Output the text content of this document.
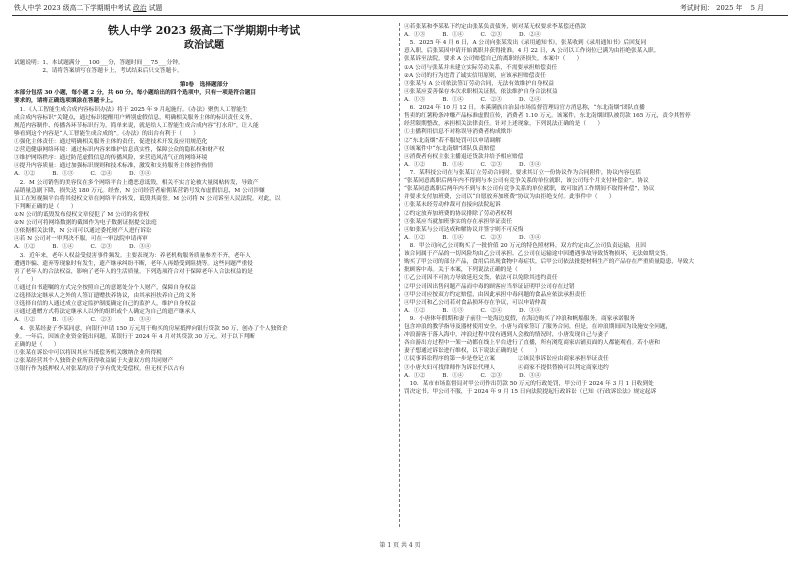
铁人中学 2023 级高二下学期期中考试 政治 试题	考试时间： 2025 年 5 月
铁人中学 2023 级高二下学期期中考试
政治试题
试题说明：1、本试题满分___100___分，答题时间___75___分钟。
　　　　　2、请将答案填写在答题卡上，考试结束后只交答题卡。
第Ⅰ卷　选择题部分
本部分包括 30 小题，每小题 2 分，共 60 分。每小题给出的四个选项中，只有一项是符合题目
要求的，请将正确选项填涂在答题卡上。
　1．《人工智能生成合成内容标识办法》将于 2025 年 9 月起施行。《办法》聚焦人工智能生
成合成内容标识”关键点，通过标识提醒用户辨别虚假信息，明确相关服务主体的标识责任义务，
规范内容制作、传播各环节标识行为。简单来说，就是给人工智能生成合成内容“打水印”，让人能
够看到这个内容是“人工智能生成合成的”。《办法》的出台有利于（　　）
①强化主体责任：通过明确相关服务主体的责任，促进技术开发及应用规范化
②营造健康网络环境：通过标识内容来维护信息真实性，保障公众的隐私权和财产权
③维护网络秩序：通过防范虚假信息的传播风险，来营造风清气正的网络环境
④提升内容质量：通过加强标识规则和技术标准，激发和支持服务主体创作热情
A．①②　　　B．①③　　　C．②④　　　D．③④
　2．M 公司销售的美容仪在多个网络平台上遭恶意诋毁，相关不实言论被大量阅帖转发，导致产
品销量急剧下降，损失达 180 万元。经查，N 公司经营者雇佣某营销号发布虚假信息，M 公司涉嫌
员工在短视频平台将其侵权文章在网络平台转发，诋毁其商誉。M 公司将 N 公司诉至人民法院。对此，以
下判断正确的是（　　）
①N 公司的诋毁发布侵权文章侵犯了 M 公司的名誉权
②N 公司可将网络数据的截图作为电子数据证据提交法庭
③依据相关法律，N 公司可以通过委托财产人进行诉讼
④若 N 公司对一审判决不服，可在一审法院申请再审
A．①②　　　B．①④　　　C．②③　　　D．③④
　3．近年来，老年人权益受侵害事件频发。主要表现为：养老机构服务质量参差不齐，老年人
遭遇诈骗、遗弃等现象时有发生，遗产继承纠纷不断，老年人再婚受到阻挠等。这些问题严重侵
害了老年人的合法权益，影响了老年人的生活质量。下列选项符合对于保障老年人合法权益的是
（　　）
①通过自书遗嘱的方式完全按照自己的意愿处分个人财产，保障自身权益
②选择法定继承人之外的人签订遗赠扶养协议，由其承担扶养自己的义务
③选择自信的人通过成立意定监护制度确定自己的监护人，维护自身权益
④通过遗赠方式将法定继承人以外的组织或个人确定为自己的遗产继承人
A．①②　　　B．①④　　　C．②③　　　D．③④
　4．张某经妻子李某同意，向银行申请 150 万元用于购买的房屋抵押向银行贷款 50 万，创办了个人独资企
业。一年后，因该企业资金链出问题，某银行于 2024 年 4 月对其贷款 30 万元。对于以下判断
正确的是（　　）
①张某在诉讼中可以将因其应当抵偿务机关缴纳企业所得税
②张某经营其个人独资企业所获得收益属于夫妻双方的共同财产
③银行作为抵押权人对张某的房子享有优先受偿权，但无权予以占有
④若张某和李某私下约定由张某负责债务，则对某无权要求李某偿还借款
A．①③　　　B．①④　　　C．②③　　　D．②④
　5．2025 年 4 月 6 日，A 公司向张某发出《录用通知书》，张某收到《录用通知书》后回复同
意入职，后张某因申请开始离职并获得批准。4 月 22 日，A 公司以工作岗位已满为由拒绝张某入职。
张某诉至法院，要求 A 公司赔偿自己的离职经济损失。本案中（　　）
①A 公司与张某并未建立实际劳动关系，不需要承担赔偿责任
②A 公司的行为违背了诚实信用原则，应该承担赔偿责任
③张某与 A 公司依法签订劳动合同，无法有效维护自身权益
④张某应妥善保存本次求职相关证据，依法维护自身合法权益
A．①③　　　B．①④　　　C．②③　　　D．②④
　6．2024 年 10 月 12 日，本溪满族自治县市场监督管理局官方消息称，“东北南烟”团队直播
售卖的红薯粉条冲赚产品标准虚假宣传，消费者 1.10 万元。该案件，东北南烟团队被罚款 165 万元，责令其暂停
经营限期整改，承担相关法律责任。针对上述现象，下列说法正确的是（　　）
①主播利用信息不对称误导消费者构成欺诈
②“东北南烟”若不服处罚可以申请调解
③该案件中“东北南烟”团队负责赔偿
④消费者有权主张主播退还货款并给予相应赔偿
A．①②　　　B．①④　　　C．②③　　　D．③④
　7．某科技公司在与张某订立劳动合同时，要求其订立一份协议作为合同附件，协议内容包括
“张某同意离职后两年内不得到与本公司有竞争关系的单位就职，该公司每个月支付补偿金”。协议
“张某同意离职后两年内不到与本公司有竞争关系的单位就职，故可取消工作期间不取得补偿”，协议
并要求支付加班费，公司以“自愿放弃加班费”协议为由拒绝支付。此事件中（　　）
①张某未经劳动仲裁可直接向法院起诉
②约定放弃加班费的协议排除了劳动者权利
③张某应当就加班事实的存在承担举证责任
④如张某与公司达成和解协议并签字则不可反悔
A．①②　　　B．①④　　　C．②③　　　D．③④
　8．甲公司向乙公司购买了一批价值 20 万元的特色照材料，双方约定由乙公司负责运输，且因
该合同属于产品的一切风险均由乙公司承担。乙公司在运输途中因遭遇事故导致货物损坏，无法如期交货。
购买了甲公司的部分产品，食用后出现食物中毒症状。后甲公司依法批提材料生产的产品存在严重质量隐患，导致大
批顾客中毒。关于本案，下列说法正确的是（　　）
①乙公司因不可抗力导致延迟交货，依法可以免除其违约责任
②甲公司因出售问题产品而中毒的顾客应当举证证明甲公司存在过错
③甲公司应按双方约定赔偿，由因此承担中毒问题的食品应依法承担责任
④甲公司和乙公司若对食品损坏存在争议，可以申请仲裁
A．①②　　　B．①③　　　C．②④　　　D．③④
　9．小唐体年假期和妻子前往一处海边度假，在海边购买了冲浪和帆船服务。商家承诺服务
包含冲浪的教学指导及器材使用安全，小唐与商家签订了服务合同。但是，在冲浪期间因为设施安全问题，
冲浪游客于落入海中，冲浪过程中没有遇到人会救的情况时，小唐发现自己与妻子
各自游出方过程中一架一动都在线上平台进行了直播，所有浏览商家店铺页面的人都能观看。若小唐和
妻子想通过诉讼进行维权，以下说法正确的是（　　）
①民事诉讼程序的第一步是登记立案　　　　②该民事诉讼应由商家承担举证责任
③小唐夫妇可找律师作为诉讼代理人　　　　④商家不提供替换可以判定商家违约
A．①②　　　B．①④　　　C．②③　　　D．③④
　10．某市市场监督局对甲公司作出罚款 50 万元的行政处罚，甲公司于 2024 年 3 月 1 日收到处
罚决定书。甲公司不服，于 2024 年 9 月 15 日向法院提起行政诉讼（已知《行政诉讼法》规定起诉
第 1 页 共 4 页
